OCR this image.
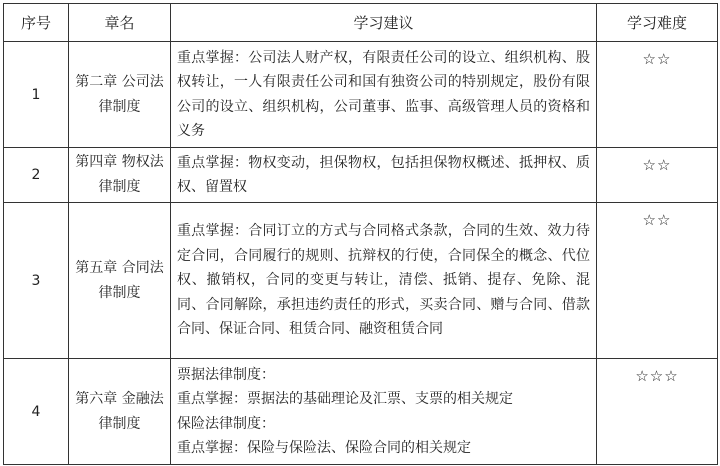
序号	章名	学习建议	学习难度
1	第二章 公司法律制度	重点掌握：公司法人财产权，有限责任公司的设立、组织机构、股权转让，一人有限责任公司和国有独资公司的特别规定，股份有限公司的设立、组织机构，公司董事、监事、高级管理人员的资格和义务	☆☆
2	第四章 物权法律制度	重点掌握：物权变动，担保物权，包括担保物权概述、抵押权、质权、留置权	☆☆
3	第五章 合同法律制度	重点掌握：合同订立的方式与合同格式条款，合同的生效、效力待定合同，合同履行的规则、抗辩权的行使，合同保全的概念、代位权、撤销权，合同的变更与转让，清偿、抵销、提存、免除、混同、合同解除，承担违约责任的形式，买卖合同、赠与合同、借款合同、保证合同、租赁合同、融资租赁合同	☆☆
4	第六章 金融法律制度	票据法律制度：
重点掌握：票据法的基础理论及汇票、支票的相关规定
保险法律制度：
重点掌握：保险与保险法、保险合同的相关规定	☆☆☆
